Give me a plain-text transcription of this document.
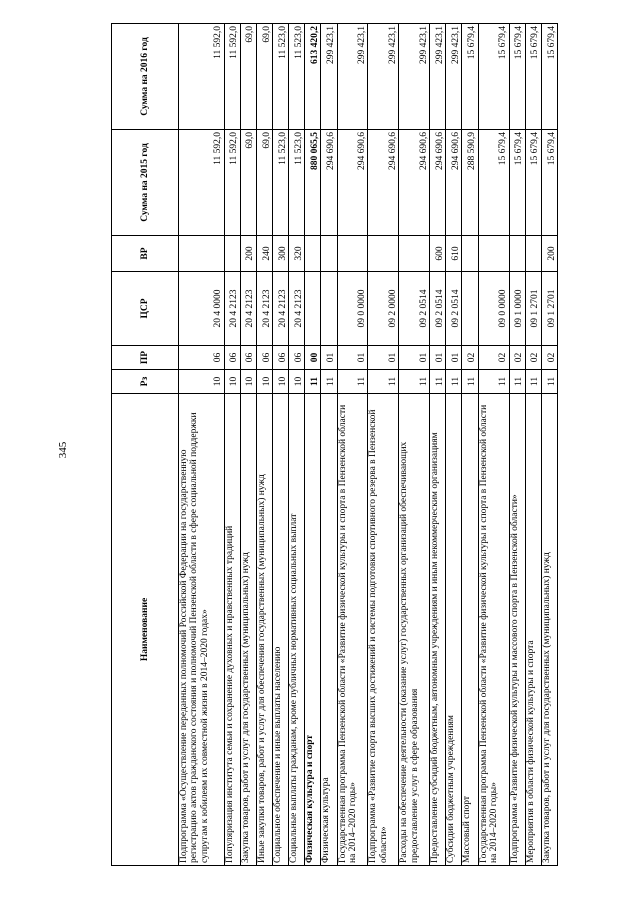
345
Наименование	Рз	ПР	ЦСР	ВР	Сумма на 2015 год	Сумма на 2016 год
Подпрограмма «Осуществление переданных полномочий Российской Федерации на государственную регистрацию актов гражданского состояния и полномочий Пензенской области в сфере социальной поддержки супругам к юбилеям их совместной жизни в 2014–2020 годах»	10	06	20 4 0000		11 592,0	11 592,0
Популяризация института семьи и сохранение духовных и нравственных традиций	10	06	20 4 2123		11 592,0	11 592,0
Закупка товаров, работ и услуг для государственных (муниципальных) нужд	10	06	20 4 2123	200	69,0	69,0
Иные закупки товаров, работ и услуг для обеспечения государственных (муниципальных) нужд	10	06	20 4 2123	240	69,0	69,0
Социальное обеспечение и иные выплаты населению	10	06	20 4 2123	300	11 523,0	11 523,0
Социальные выплаты гражданам, кроме публичных нормативных социальных выплат	10	06	20 4 2123	320	11 523,0	11 523,0
Физическая культура и спорт	11	00			880 065,5	613 420,2
Физическая культура	11	01			294 690,6	299 423,1
Государственная программа Пензенской области «Развитие физической культуры и спорта в Пензенской области на 2014–2020 годы»	11	01	09 0 0000		294 690,6	299 423,1
Подпрограмма «Развитие спорта высших достижений и системы подготовки спортивного резерва в Пензенской области»	11	01	09 2 0000		294 690,6	299 423,1
Расходы на обеспечение деятельности (оказание услуг) государственных организаций обеспечивающих предоставление услуг в сфере образования	11	01	09 2 0514		294 690,6	299 423,1
Предоставление субсидий бюджетным, автономным учреждениям и иным некоммерческим организациям	11	01	09 2 0514	600	294 690,6	299 423,1
Субсидии бюджетным учреждениям	11	01	09 2 0514	610	294 690,6	299 423,1
Массовый спорт	11	02			288 590,9	15 679,4
Государственная программа Пензенской области «Развитие физической культуры и спорта в Пензенской области на 2014–2020 годы»	11	02	09 0 0000		15 679,4	15 679,4
Подпрограмма «Развитие физической культуры и массового спорта в Пензенской области»	11	02	09 1 0000		15 679,4	15 679,4
Мероприятия в области физической культуры и спорта	11	02	09 1 2701		15 679,4	15 679,4
Закупка товаров, работ и услуг для государственных (муниципальных) нужд	11	02	09 1 2701	200	15 679,4	15 679,4
